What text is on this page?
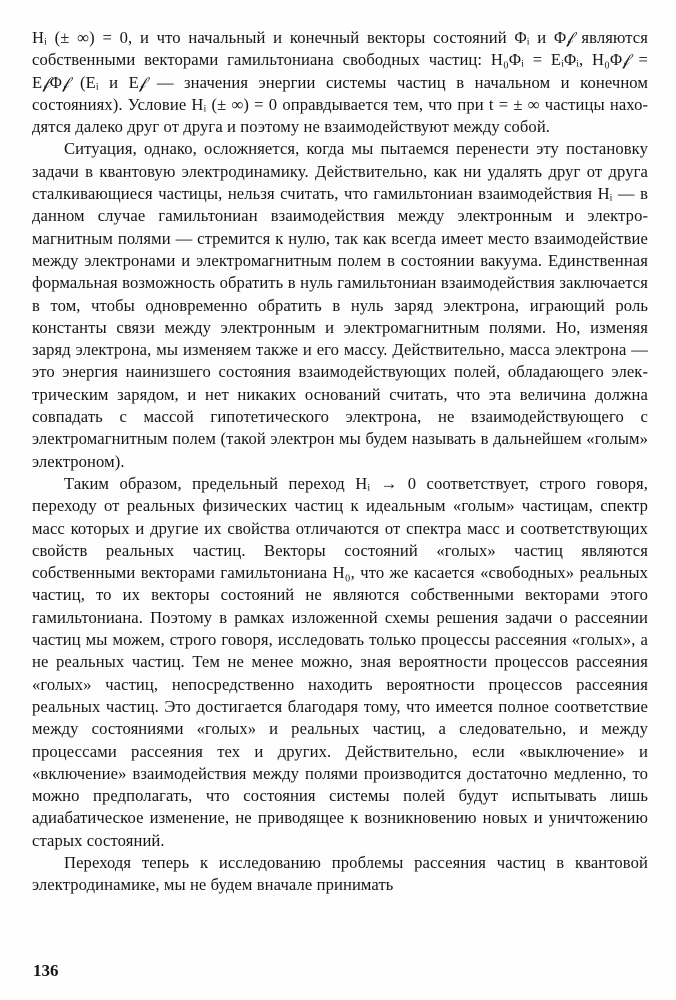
Hᵢ (± ∞) = 0, и что начальный и конечный векторы состояний Φᵢ и Φ𝒻 являются собственными векторами гамильтониана свободных частиц: H₀Φᵢ = EᵢΦᵢ, H₀Φ𝒻 = E𝒻Φ𝒻 (Eᵢ и E𝒻 — значения энергии системы частиц в начальном и конечном состояниях). Условие Hᵢ (± ∞) = 0 оправдывается тем, что при t = ± ∞ частицы находятся далеко друг от друга и поэтому не взаимодействуют между собой.

Ситуация, однако, осложняется, когда мы пытаемся перенести эту постановку задачи в квантовую электродинамику. Действительно, как ни удалять друг от друга сталкивающиеся частицы, нельзя считать, что гамильтониан взаимодействия Hᵢ — в данном случае гамильтониан взаимодействия между электронным и электромагнитным полями — стремится к нулю, так как всегда имеет место взаимодействие между электронами и электромагнитным полем в состоянии вакуума. Единственная формальная возможность обратить в нуль гамильтониан взаимодействия заключается в том, чтобы одновременно обратить в нуль заряд электрона, играющий роль константы связи между электронным и электромагнитным полями. Но, изменяя заряд электрона, мы изменяем также и его массу. Действительно, масса электрона — это энергия наинизшего состояния взаимодействующих полей, обладающего электрическим зарядом, и нет никаких оснований считать, что эта величина должна совпадать с массой гипотетического электрона, не взаимодействующего с электромагнитным полем (такой электрон мы будем называть в дальнейшем «голым» электроном).

Таким образом, предельный переход Hᵢ → 0 соответствует, строго говоря, переходу от реальных физических частиц к идеальным «голым» частицам, спектр масс которых и другие их свойства отличаются от спектра масс и соответствующих свойств реальных частиц. Векторы состояний «голых» частиц являются собственными векторами гамильтониана H₀, что же касается «свободных» реальных частиц, то их векторы состояний не являются собственными векторами этого гамильтониана. Поэтому в рамках изложенной схемы решения задачи о рассеянии частиц мы можем, строго говоря, исследовать только процессы рассеяния «голых», а не реальных частиц. Тем не менее можно, зная вероятности процессов рассеяния «голых» частиц, непосредственно находить вероятности процессов рассеяния реальных частиц. Это достигается благодаря тому, что имеется полное соответствие между состояниями «голых» и реальных частиц, а следовательно, и между процессами рассеяния тех и других. Действительно, если «выключение» и «включение» взаимодействия между полями производится достаточно медленно, то можно предполагать, что состояния системы полей будут испытывать лишь адиабатическое изменение, не приводящее к возникновению новых и уничтожению старых состояний.

Переходя теперь к исследованию проблемы рассеяния частиц в квантовой электродинамике, мы не будем вначале принимать

136
